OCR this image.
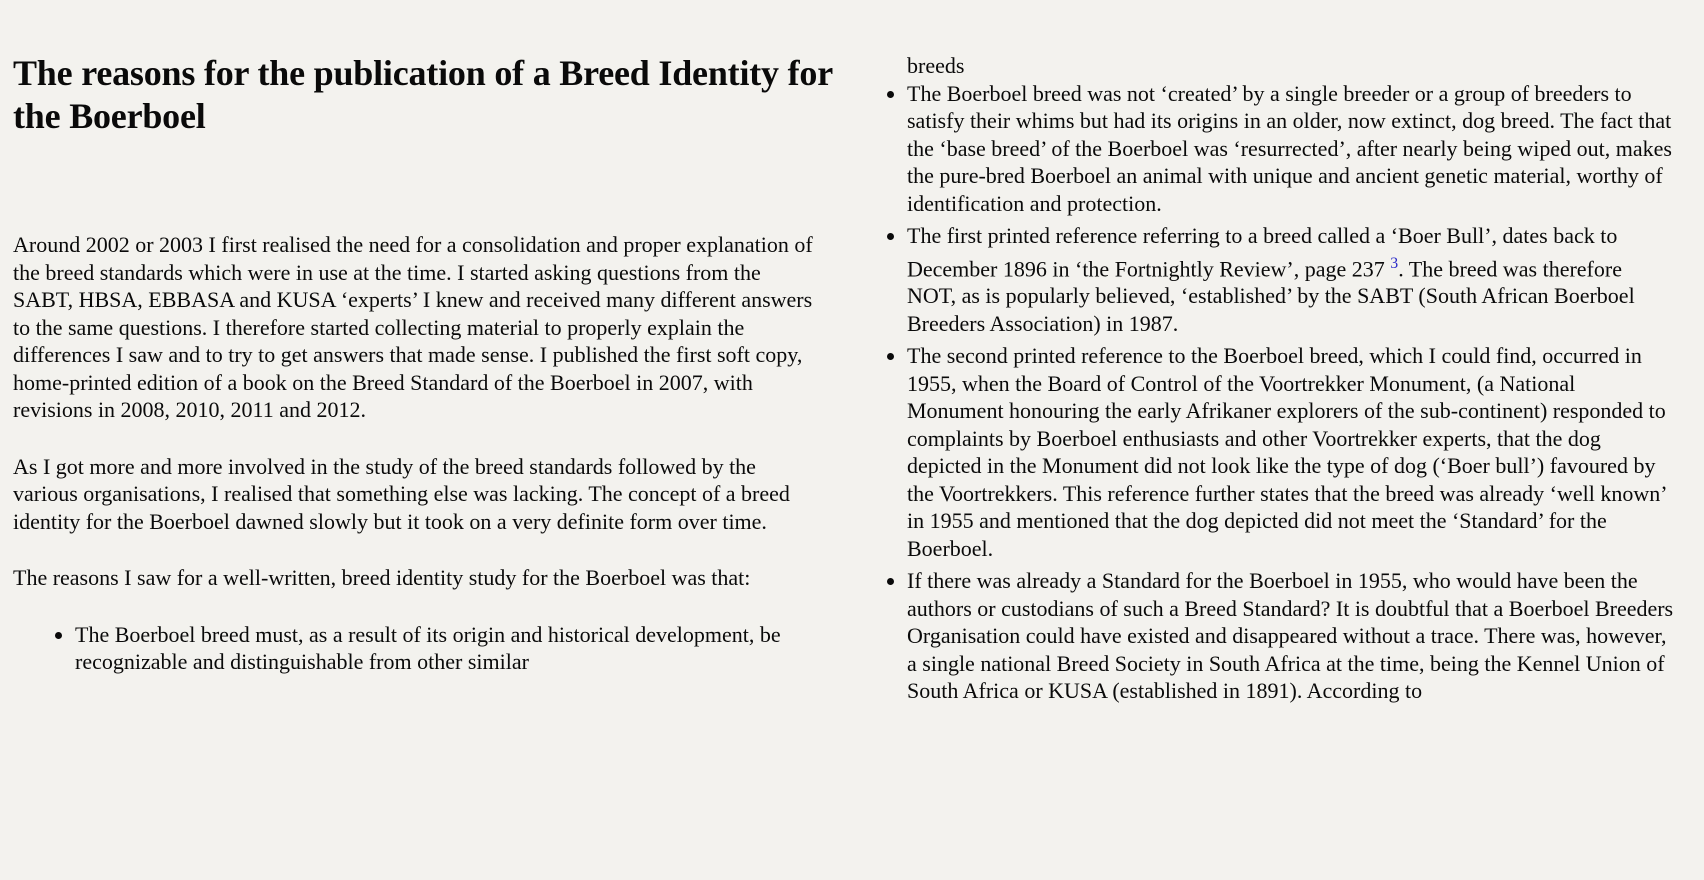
The reasons for the publication of a Breed Identity for the Boerboel

Around 2002 or 2003 I first realised the need for a consolidation and proper explanation of the breed standards which were in use at the time. I started asking questions from the SABT, HBSA, EBBASA and KUSA ‘experts’ I knew and received many different answers to the same questions. I therefore started collecting material to properly explain the differences I saw and to try to get answers that made sense. I published the first soft copy, home-printed edition of a book on the Breed Standard of the Boerboel in 2007, with revisions in 2008, 2010, 2011 and 2012.

As I got more and more involved in the study of the breed standards followed by the various organisations, I realised that something else was lacking. The concept of a breed identity for the Boerboel dawned slowly but it took on a very definite form over time.

The reasons I saw for a well-written, breed identity study for the Boerboel was that:

• The Boerboel breed must, as a result of its origin and historical development, be recognizable and distinguishable from other similar
breeds
• The Boerboel breed was not ‘created’ by a single breeder or a group of breeders to satisfy their whims but had its origins in an older, now extinct, dog breed. The fact that the ‘base breed’ of the Boerboel was ‘resurrected’, after nearly being wiped out, makes the pure-bred Boerboel an animal with unique and ancient genetic material, worthy of identification and protection.
• The first printed reference referring to a breed called a ‘Boer Bull’, dates back to December 1896 in ‘the Fortnightly Review’, page 237 $^3$. The breed was therefore NOT, as is popularly believed, ‘established’ by the SABT (South African Boerboel Breeders Association) in 1987.
• The second printed reference to the Boerboel breed, which I could find, occurred in 1955, when the Board of Control of the Voortrekker Monument, (a National Monument honouring the early Afrikaner explorers of the sub-continent) responded to complaints by Boerboel enthusiasts and other Voortrekker experts, that the dog depicted in the Monument did not look like the type of dog (‘Boer bull’) favoured by the Voortrekkers. This reference further states that the breed was already ‘well known’ in 1955 and mentioned that the dog depicted did not meet the ‘Standard’ for the Boerboel.
• If there was already a Standard for the Boerboel in 1955, who would have been the authors or custodians of such a Breed Standard? It is doubtful that a Boerboel Breeders Organisation could have existed and disappeared without a trace. There was, however, a single national Breed Society in South Africa at the time, being the Kennel Union of South Africa or KUSA (established in 1891). According to
